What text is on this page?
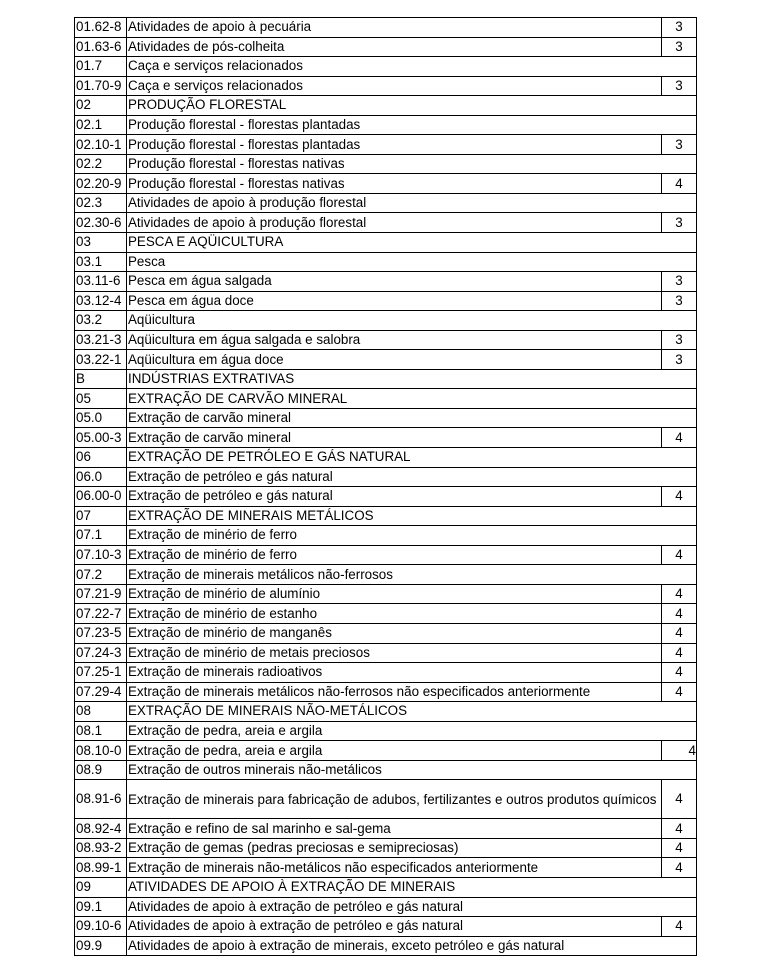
01.62-8	Atividades de apoio à pecuária	3
01.63-6	Atividades de pós-colheita	3
01.7	Caça e serviços relacionados	
01.70-9	Caça e serviços relacionados	3
02	PRODUÇÃO FLORESTAL	
02.1	Produção florestal - florestas plantadas	
02.10-1	Produção florestal - florestas plantadas	3
02.2	Produção florestal - florestas nativas	
02.20-9	Produção florestal - florestas nativas	4
02.3	Atividades de apoio à produção florestal	
02.30-6	Atividades de apoio à produção florestal	3
03	PESCA E AQÜICULTURA	
03.1	Pesca	
03.11-6	Pesca em água salgada	3
03.12-4	Pesca em água doce	3
03.2	Aqüicultura	
03.21-3	Aqüicultura em água salgada e salobra	3
03.22-1	Aqüicultura em água doce	3
B	INDÚSTRIAS EXTRATIVAS	
05	EXTRAÇÃO DE CARVÃO MINERAL	
05.0	Extração de carvão mineral	
05.00-3	Extração de carvão mineral	4
06	EXTRAÇÃO DE PETRÓLEO E GÁS NATURAL	
06.0	Extração de petróleo e gás natural	
06.00-0	Extração de petróleo e gás natural	4
07	EXTRAÇÃO DE MINERAIS METÁLICOS	
07.1	Extração de minério de ferro	
07.10-3	Extração de minério de ferro	4
07.2	Extração de minerais metálicos não-ferrosos	
07.21-9	Extração de minério de alumínio	4
07.22-7	Extração de minério de estanho	4
07.23-5	Extração de minério de manganês	4
07.24-3	Extração de minério de metais preciosos	4
07.25-1	Extração de minerais radioativos	4
07.29-4	Extração de minerais metálicos não-ferrosos não especificados anteriormente	4
08	EXTRAÇÃO DE MINERAIS NÃO-METÁLICOS	
08.1	Extração de pedra, areia e argila	
08.10-0	Extração de pedra, areia e argila	4
08.9	Extração de outros minerais não-metálicos	
08.91-6	Extração de minerais para fabricação de adubos, fertilizantes e outros produtos químicos	4
08.92-4	Extração e refino de sal marinho e sal-gema	4
08.93-2	Extração de gemas (pedras preciosas e semipreciosas)	4
08.99-1	Extração de minerais não-metálicos não especificados anteriormente	4
09	ATIVIDADES DE APOIO À EXTRAÇÃO DE MINERAIS	
09.1	Atividades de apoio à extração de petróleo e gás natural	
09.10-6	Atividades de apoio à extração de petróleo e gás natural	4
09.9	Atividades de apoio à extração de minerais, exceto petróleo e gás natural	
